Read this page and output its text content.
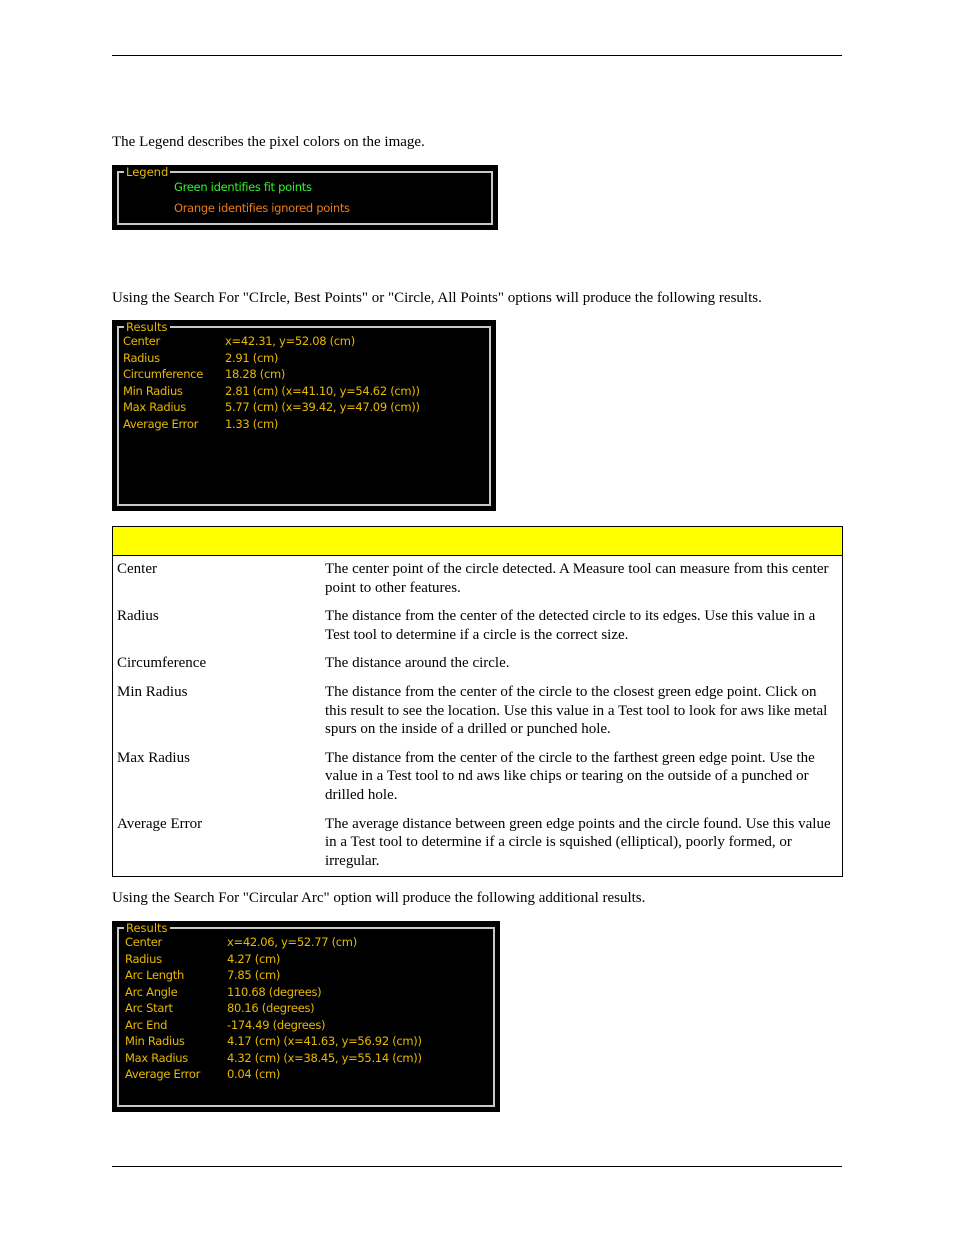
The Legend describes the pixel colors on the image.
Legend
Green identifies fit points
Orange identifies ignored points
Using the Search For "CIrcle, Best Points" or "Circle, All Points" options will produce the following results.
Results
Center	x=42.31, y=52.08 (cm)
Radius	2.91 (cm)
Circumference	18.28 (cm)
Min Radius	2.81 (cm) (x=41.10, y=54.62 (cm))
Max Radius	5.77 (cm) (x=39.42, y=47.09 (cm))
Average Error	1.33 (cm)

Center	The center point of the circle detected. A Measure tool can measure from this center point to other features.
Radius	The distance from the center of the detected circle to its edges. Use this value in a Test tool to determine if a circle is the correct size.
Circumference	The distance around the circle.
Min Radius	The distance from the center of the circle to the closest green edge point. Click on this result to see the location. Use this value in a Test tool to look for aws like metal spurs on the inside of a drilled or punched hole.
Max Radius	The distance from the center of the circle to the farthest green edge point. Use the value in a Test tool to nd aws like chips or tearing on the outside of a punched or drilled hole.
Average Error	The average distance between green edge points and the circle found. Use this value in a Test tool to determine if a circle is squished (elliptical), poorly formed, or irregular.
Using the Search For "Circular Arc" option will produce the following additional results.
Results
Center	x=42.06, y=52.77 (cm)
Radius	4.27 (cm)
Arc Length	7.85 (cm)
Arc Angle	110.68 (degrees)
Arc Start	80.16 (degrees)
Arc End	-174.49 (degrees)
Min Radius	4.17 (cm) (x=41.63, y=56.92 (cm))
Max Radius	4.32 (cm) (x=38.45, y=55.14 (cm))
Average Error	0.04 (cm)
